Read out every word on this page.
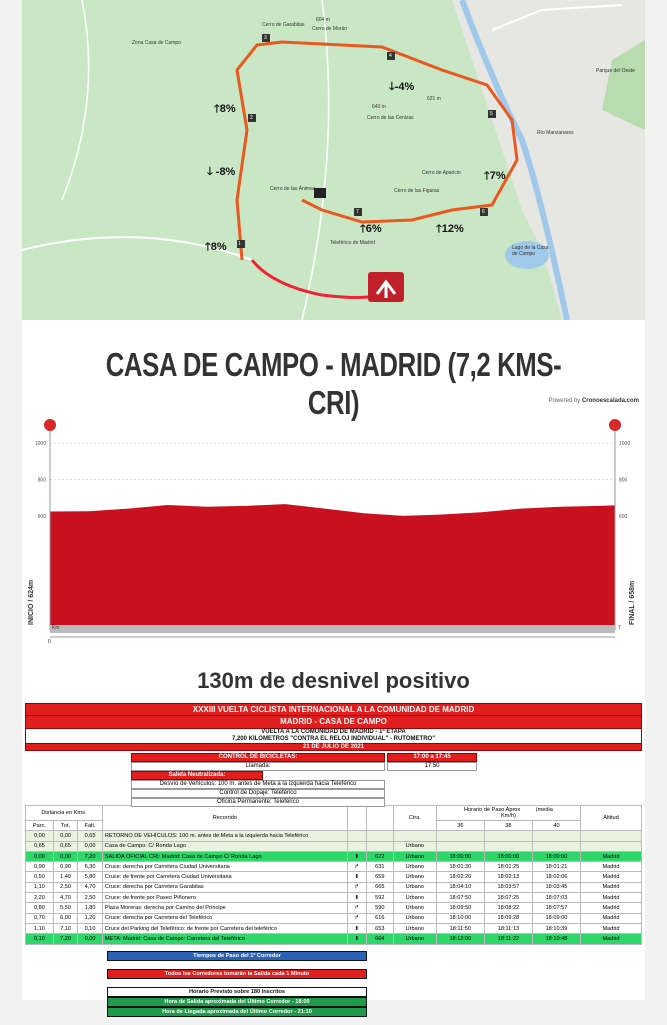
Cerro de Garabitas
604 m
Cerro de Morán
621 m
643 m
Cerro de las Cenizas
Cerro de las Ánimas	Cerro de las Figuras
Cerro de Aparicio
Teleférico de Madrid
Lago de la Casa de Campo
Parque del Oeste
Río Manzanares
Zona Casa de Campo
🡑8%
🡓-4%
🡓 -8%	🡑7%
🡑8%
🡑6%	🡑12%
1
2
3
4
5
6
7
CASA DE CAMPO - MADRID (7,2 KMS-CRI)	Powered by Cronoescalada.com
1000	1000
800	800
600	600
INICIO / 624m	FINAL / 658m
Km
0
7
130m de desnivel positivo
XXXIII VUELTA CICLISTA INTERNACIONAL A LA COMUNIDAD DE MADRID
MADRID - CASA DE CAMPO
VUELTA A LA COMUNIDAD DE MADRID - 1ª ETAPA
7,200 KILOMETROS "CONTRA EL RELOJ INDIVIDUAL" - RUTOMETRO"
21 DE JULIO DE 2021
CONTROL DE BICICLETAS:	17:00 a 17:45
Llamada:	17:50
Salida Neutralizada:
Desvío de Vehículos: 100 m. antes de Meta a la izquierda hacia Teleférico
Control de Dopaje: Teleférico
Oficina Permanente: Teleférico
Distancia en Kms.			Recorrido			Ctra.	Horario de Paso Aprox (media
Km/h)			Altitud
Parc.	Tot.	Falt.					36	38	40	
0,00	0,00	0,65	RETORNO DE VEHÍCULOS: 100 m. antes de Meta a la izquierda hacia Teleférico							
0,65	0,65	0,00	Casa de Campo: C/ Ronda Lago			Urbano				
0,00	0,00	7,20	SALIDA OFICIAL CRI: Madrid: Casa de Campo C/ Ronda Lago	⬆	622	Urbano	18:00:00	18:00:00	18:00:00	Madrid
0,90	0,90	6,30	Cruce: derecha por Carretera Ciudad Universitaria	↱	631	Urbano	18:01:30	18:01:25	18:01:21	Madrid
0,50	1,40	5,80	Cruce: de frente por Carretera Ciudad Universitaria	⬆	659	Urbano	18:02:20	18:02:13	18:02:06	Madrid
1,10	2,50	4,70	Cruce: derecha por Carretera Garabitas	↱	665	Urbano	18:04:10	18:03:57	18:03:45	Madrid
2,20	4,70	2,50	Cruce: de frente por Paseo Piñonero	⬆	592	Urbano	18:07:50	18:07:25	18:07:03	Madrid
0,80	5,50	1,80	Plaza Moreras: derecha por Camino del Príncipe	↱	590	Urbano	18:09:50	18:08:22	18:07:57	Madrid
0,70	6,00	1,20	Cruce: derecha por Carretera del Teleférico	↱	616	Urbano	18:10:00	18:09:28	18:09:00	Madrid
1,10	7,10	0,10	Cruce del Parking del Teleférico: de frente por Carretera del teleférico	⬆	653	Urbano	18:11:50	18:11:13	18:10:39	Madrid
0,10	7,20	0,00	META: Madrid: Casa de Campo: Carretera del Teleférico	⬆	664	Urbano	18:12:00	18:11:22	18:10:48	Madrid
Tiempos de Paso del 1º Corredor
Todos los Corredores tomarán la Salida cada 1 Minuto
Horario Previsto sobre 180 Inscritos
Hora de Salida aproximada del Último Corredor - 18:00
Hora de Llegada aproximada del Último Corredor - 21:10
